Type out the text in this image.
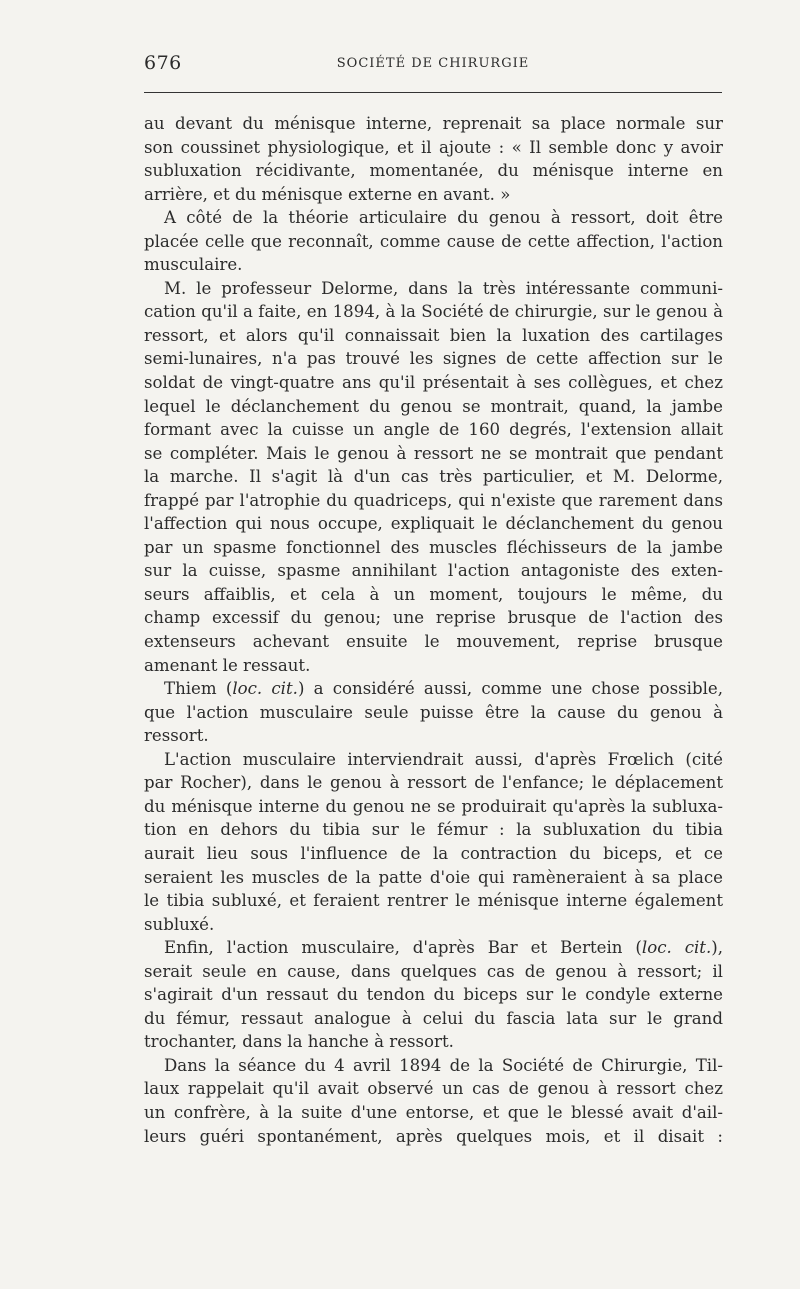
676	SOCIÉTÉ DE CHIRURGIE
au devant du ménisque interne, reprenait sa place normale sur
son coussinet physiologique, et il ajoute : « Il semble donc y avoir
subluxation récidivante, momentanée, du ménisque interne en
arrière, et du ménisque externe en avant. »
A côté de la théorie articulaire du genou à ressort, doit être
placée celle que reconnaît, comme cause de cette affection, l'action
musculaire.
M. le professeur Delorme, dans la très intéressante communi-
cation qu'il a faite, en 1894, à la Société de chirurgie, sur le genou à
ressort, et alors qu'il connaissait bien la luxation des cartilages
semi-lunaires, n'a pas trouvé les signes de cette affection sur le
soldat de vingt-quatre ans qu'il présentait à ses collègues, et chez
lequel le déclanchement du genou se montrait, quand, la jambe
formant avec la cuisse un angle de 160 degrés, l'extension allait
se compléter. Mais le genou à ressort ne se montrait que pendant
la marche. Il s'agit là d'un cas très particulier, et M. Delorme,
frappé par l'atrophie du quadriceps, qui n'existe que rarement dans
l'affection qui nous occupe, expliquait le déclanchement du genou
par un spasme fonctionnel des muscles fléchisseurs de la jambe
sur la cuisse, spasme annihilant l'action antagoniste des exten-
seurs affaiblis, et cela à un moment, toujours le même, du
champ excessif du genou; une reprise brusque de l'action des
extenseurs achevant ensuite le mouvement, reprise brusque
amenant le ressaut.
Thiem (loc. cit.) a considéré aussi, comme une chose possible,
que l'action musculaire seule puisse être la cause du genou à
ressort.
L'action musculaire interviendrait aussi, d'après Frœlich (cité
par Rocher), dans le genou à ressort de l'enfance; le déplacement
du ménisque interne du genou ne se produirait qu'après la subluxa-
tion en dehors du tibia sur le fémur : la subluxation du tibia
aurait lieu sous l'influence de la contraction du biceps, et ce
seraient les muscles de la patte d'oie qui ramèneraient à sa place
le tibia subluxé, et feraient rentrer le ménisque interne également
subluxé.
Enfin, l'action musculaire, d'après Bar et Bertein (loc. cit.),
serait seule en cause, dans quelques cas de genou à ressort; il
s'agirait d'un ressaut du tendon du biceps sur le condyle externe
du fémur, ressaut analogue à celui du fascia lata sur le grand
trochanter, dans la hanche à ressort.
Dans la séance du 4 avril 1894 de la Société de Chirurgie, Til-
laux rappelait qu'il avait observé un cas de genou à ressort chez
un confrère, à la suite d'une entorse, et que le blessé avait d'ail-
leurs guéri spontanément, après quelques mois, et il disait :
